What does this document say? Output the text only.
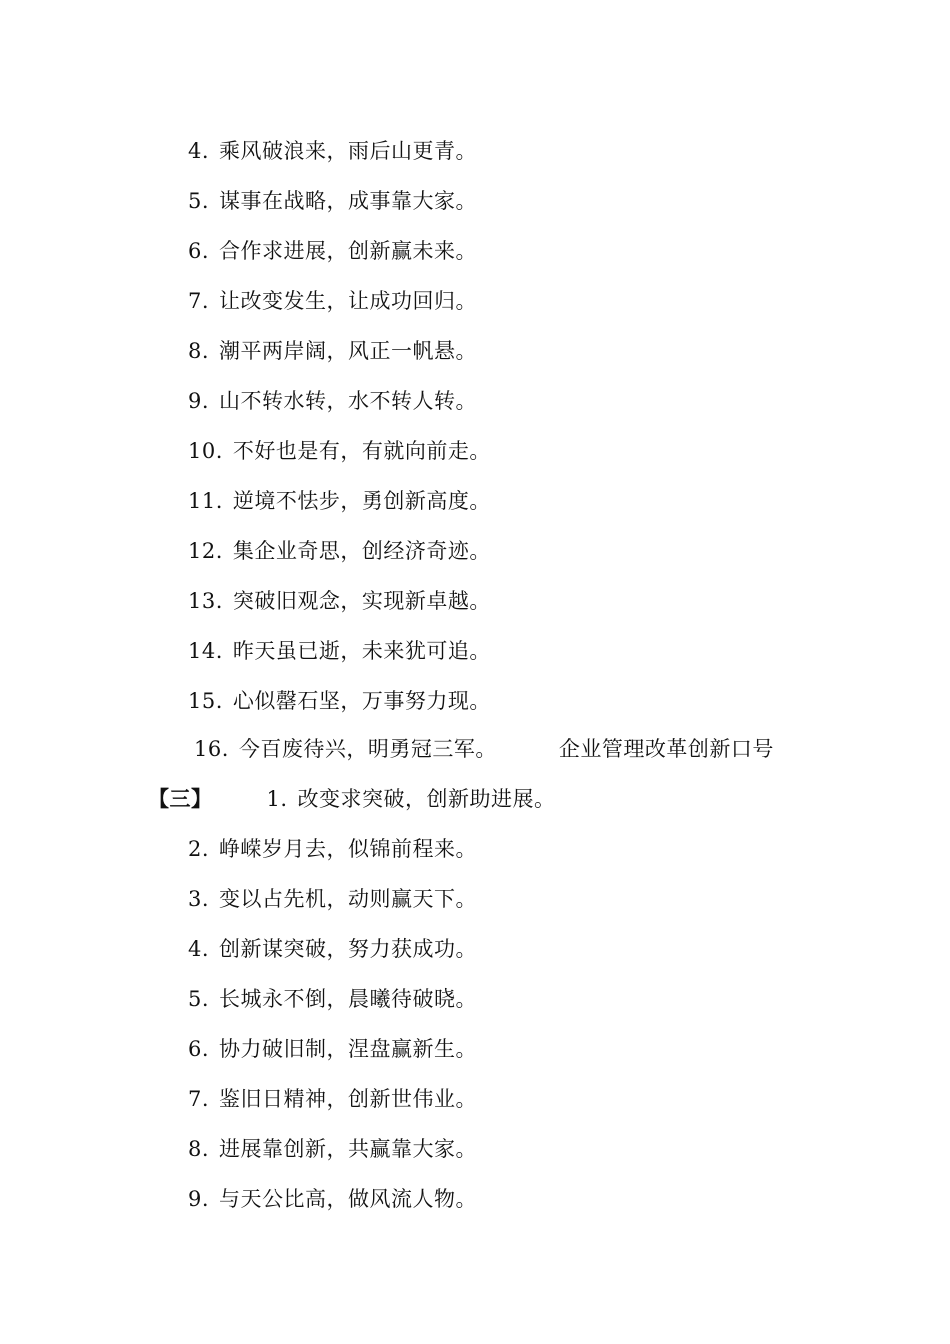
4. 乘风破浪来，雨后山更青。
5. 谋事在战略，成事靠大家。
6. 合作求进展，创新赢未来。
7. 让改变发生，让成功回归。
8. 潮平两岸阔，风正一帆悬。
9. 山不转水转，水不转人转。
10. 不好也是有，有就向前走。
11. 逆境不怯步，勇创新高度。
12. 集企业奇思，创经济奇迹。
13. 突破旧观念，实现新卓越。
14. 昨天虽已逝，未来犹可追。
15. 心似罄石坚，万事努力现。
16. 今百废待兴，明勇冠三军。	企业管理改革创新口号
【三】	1. 改变求突破，创新助进展。
2. 峥嵘岁月去，似锦前程来。
3. 变以占先机，动则赢天下。
4. 创新谋突破，努力获成功。
5. 长城永不倒，晨曦待破晓。
6. 协力破旧制，涅盘赢新生。
7. 鉴旧日精神，创新世伟业。
8. 进展靠创新，共赢靠大家。
9. 与天公比高，做风流人物。
